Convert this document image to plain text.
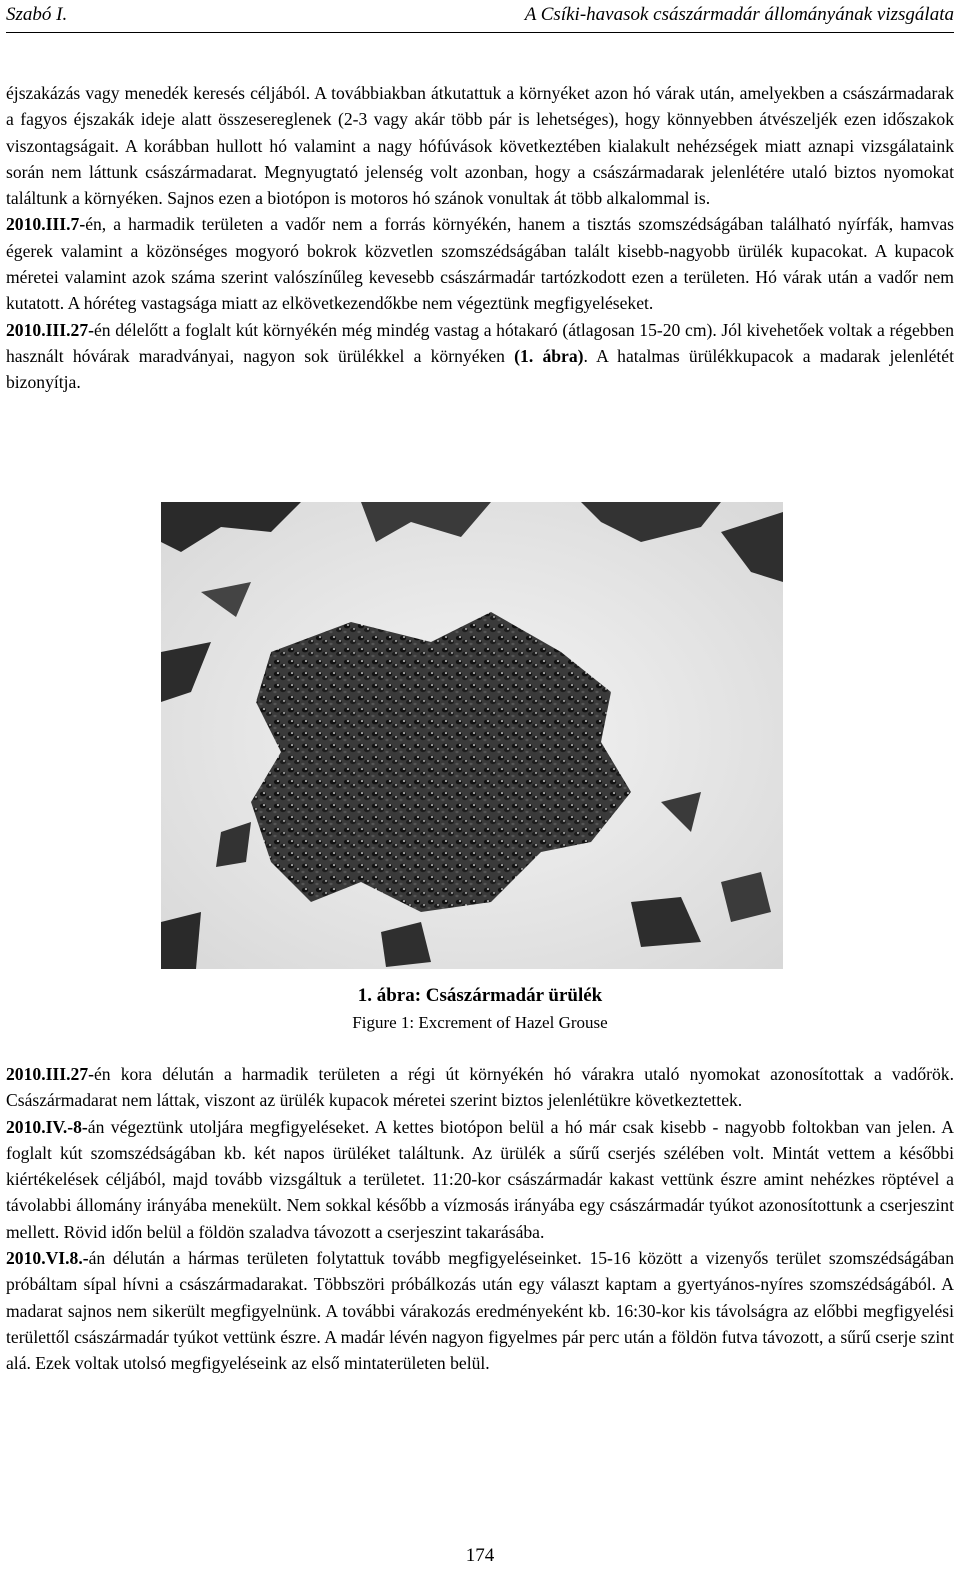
Szabó I.	A Csíki-havasok császármadár állományának vizsgálata

éjszakázás vagy menedék keresés céljából. A továbbiakban átkutattuk a környéket azon hó várak után, amelyekben a császármadarak a fagyos éjszakák ideje alatt összesereglenek (2-3 vagy akár több pár is lehetséges), hogy könnyebben átvészeljék ezen időszakok viszontagságait. A korábban hullott hó valamint a nagy hófúvások következtében kialakult nehézségek miatt aznapi vizsgálataink során nem láttunk császármadarat. Megnyugtató jelenség volt azonban, hogy a császármadarak jelenlétére utaló biztos nyomokat találtunk a környéken. Sajnos ezen a biotópon is motoros hó szánok vonultak át több alkalommal is.

2010.III.7-én, a harmadik területen a vadőr nem a forrás környékén, hanem a tisztás szomszédságában található nyírfák, hamvas égerek valamint a közönséges mogyoró bokrok közvetlen szomszédságában talált kisebb-nagyobb ürülék kupacokat. A kupacok méretei valamint azok száma szerint valószínűleg kevesebb császármadár tartózkodott ezen a területen. Hó várak után a vadőr nem kutatott. A hóréteg vastagsága miatt az elkövetkezendőkbe nem végeztünk megfigyeléseket.

2010.III.27-én délelőtt a foglalt kút környékén még mindég vastag a hótakaró (átlagosan 15-20 cm). Jól kivehetőek voltak a régebben használt hóvárak maradványai, nagyon sok ürülékkel a környéken (1. ábra). A hatalmas ürülékkupacok a madarak jelenlétét bizonyítja.

1. ábra: Császármadár ürülék
Figure 1: Excrement of Hazel Grouse

2010.III.27-én kora délután a harmadik területen a régi út környékén hó várakra utaló nyomokat azonosítottak a vadőrök. Császármadarat nem láttak, viszont az ürülék kupacok méretei szerint biztos jelenlétükre következtettek.

2010.IV.-8-án végeztünk utoljára megfigyeléseket. A kettes biotópon belül a hó már csak kisebb - nagyobb foltokban van jelen. A foglalt kút szomszédságában kb. két napos ürüléket találtunk. Az ürülék a sűrű cserjés szélében volt. Mintát vettem a későbbi kiértékelések céljából, majd tovább vizsgáltuk a területet. 11:20-kor császármadár kakast vettünk észre amint nehézkes röptével a távolabbi állomány irányába menekült. Nem sokkal később a vízmosás irányába egy császármadár tyúkot azonosítottunk a cserjeszint mellett. Rövid időn belül a földön szaladva távozott a cserjeszint takarásába.

2010.VI.8.-án délután a hármas területen folytattuk tovább megfigyeléseinket. 15-16 között a vizenyős terület szomszédságában próbáltam sípal hívni a császármadarakat. Többszöri próbálkozás után egy választ kaptam a gyertyános-nyíres szomszédságából. A madarat sajnos nem sikerült megfigyelnünk. A további várakozás eredményeként kb. 16:30-kor kis távolságra az előbbi megfigyelési területtől császármadár tyúkot vettünk észre. A madár lévén nagyon figyelmes pár perc után a földön futva távozott, a sűrű cserje szint alá. Ezek voltak utolsó megfigyeléseink az első mintaterületen belül.

174
